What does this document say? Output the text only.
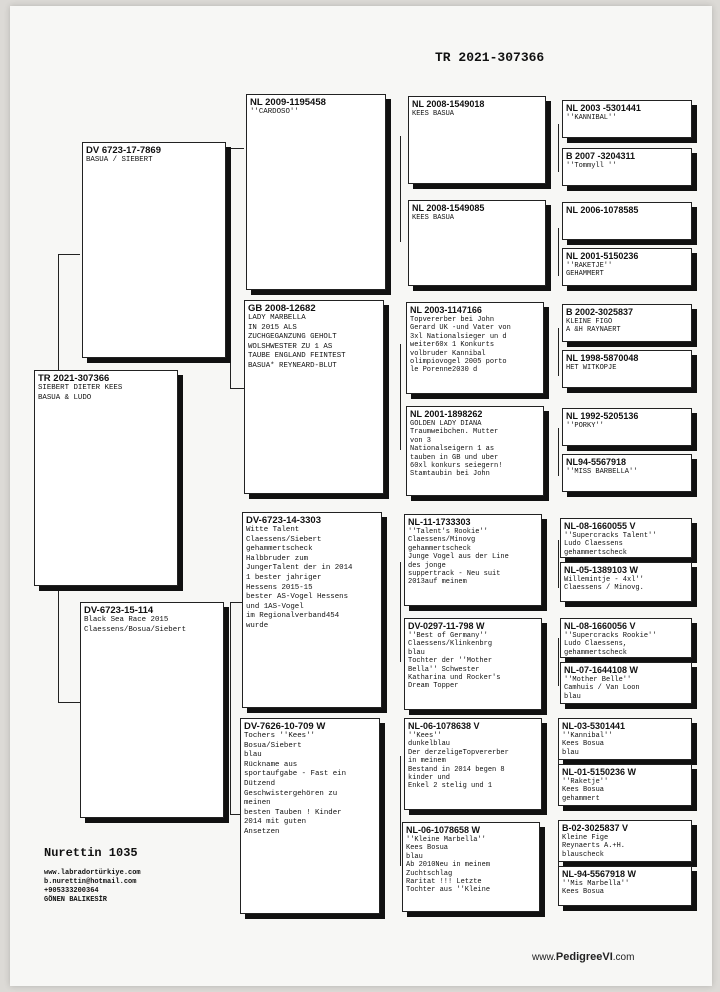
TR 2021-307366
TR 2021-307366
SIEBERT DIETER KEES
BASUA & LUDO
DV 6723-17-7869
BASUA / SIEBERT
DV-6723-15-114
Black Sea Race 2015
Claessens/Bosua/Siebert
NL 2009-1195458
''CARDOSO''
GB 2008-12682
LADY MARBELLA
IN 2015 ALS
ZUCHGEGANZUNG GEHOLT
WOLSHWESTER ZU 1 AS
TAUBE ENGLAND FEINTEST
BASUA* REYNEARD-BLUT
DV-6723-14-3303
Witte Talent
Claessens/Siebert
gehammertscheck
Halbbruder zum
JungerTalent der in 2014
1 bester jahriger
Hessens 2015-15
bester AS-Vogel Hessens
und 1AS-Vogel
im Regionalverband454
wurde
DV-7626-10-709 W
Tochers ''Kees''
Bosua/Siebert
blau
Rückname aus
sportaufgabe - Fast ein
Dützend
Geschwistergehören zu
meinen
besten Tauben ! Kinder
2014 mit guten
Ansetzen
NL 2008-1549018
KEES BASUA
NL 2008-1549085
KEES BASUA
NL 2003-1147166
Topvererber bei John
Gerard UK -und Vater von
3xl Nationalsieger un d
weiter60x 1 Konkurts
volbruder Kannibal
olimpiovogel 2005 porto
le Porenne2030 d
NL 2001-1898262
GOLDEN LADY DIANA
Traumweibchen. Mutter
von 3
Nationalseigern 1 as
tauben in GB und uber
60xl konkurs seiegern!
Stamtaubin bei John
NL-11-1733303
''Talent's Rookie''
Claessens/Minovg
gehammertscheck
Junge Vogel aus der Line
des jonge
suppertrack - Neu suit
2013auf meinem
DV-0297-11-798 W
''Best of Germany''
Claessens/Klinkenbrg
blau
Tochter der ''Mother
Bella'' Schwester
Katharina und Rocker's
Dream Topper
NL-06-1078638 V
''Kees''
dunkelblau
Der derzeligeTopvererber
in meinem
Bestand in 2014 begen 8
kinder und
Enkel 2 stelig und 1
NL-06-1078658 W
''Kleine Marbella''
Kees Bosua
blau
Ab 2010Neu in meinem
Zuchtschlag
Raritat !!! Letzte
Tochter aus ''Kleine
NL 2003 -5301441
''KANNIBAL''
B 2007 -3204311
''Tommyll ''
NL 2006-1078585
NL 2001-5150236
''RAKETJE''
GEHAMMERT
B 2002-3025837
KLEINE FIGO
A &H RAYNAERT
NL 1998-5870048
HET WITKOPJE
NL 1992-5205136
''PORKY''
NL94-5567918
''MISS BARBELLA''
NL-08-1660055 V
''Supercracks Talent''
Ludo Claessens
gehammertscheck
NL-05-1389103 W
Willemintje - 4xl''
Claessens / Minovg.
NL-08-1660056 V
''Supercracks Rookie''
Ludo Claessens,
gehammertscheck
NL-07-1644108 W
''Mother Belle''
Camhuis / Van Loon
blau
NL-03-5301441
''Kannibal''
Kees Bosua
blau
NL-01-5150236 W
''Raketje''
Kees Bosua
gehammert
B-02-3025837 V
Kleine Fige
Reynaerts A.+H.
blauscheck
NL-94-5567918 W
''Mis Marbella''
Kees Bosua
Nurettin 1035
www.labradortürkiye.com
b.nurettin@hotmail.com
+905333200364
GÖNEN BALIKESİR
www.PedigreeVI.com
